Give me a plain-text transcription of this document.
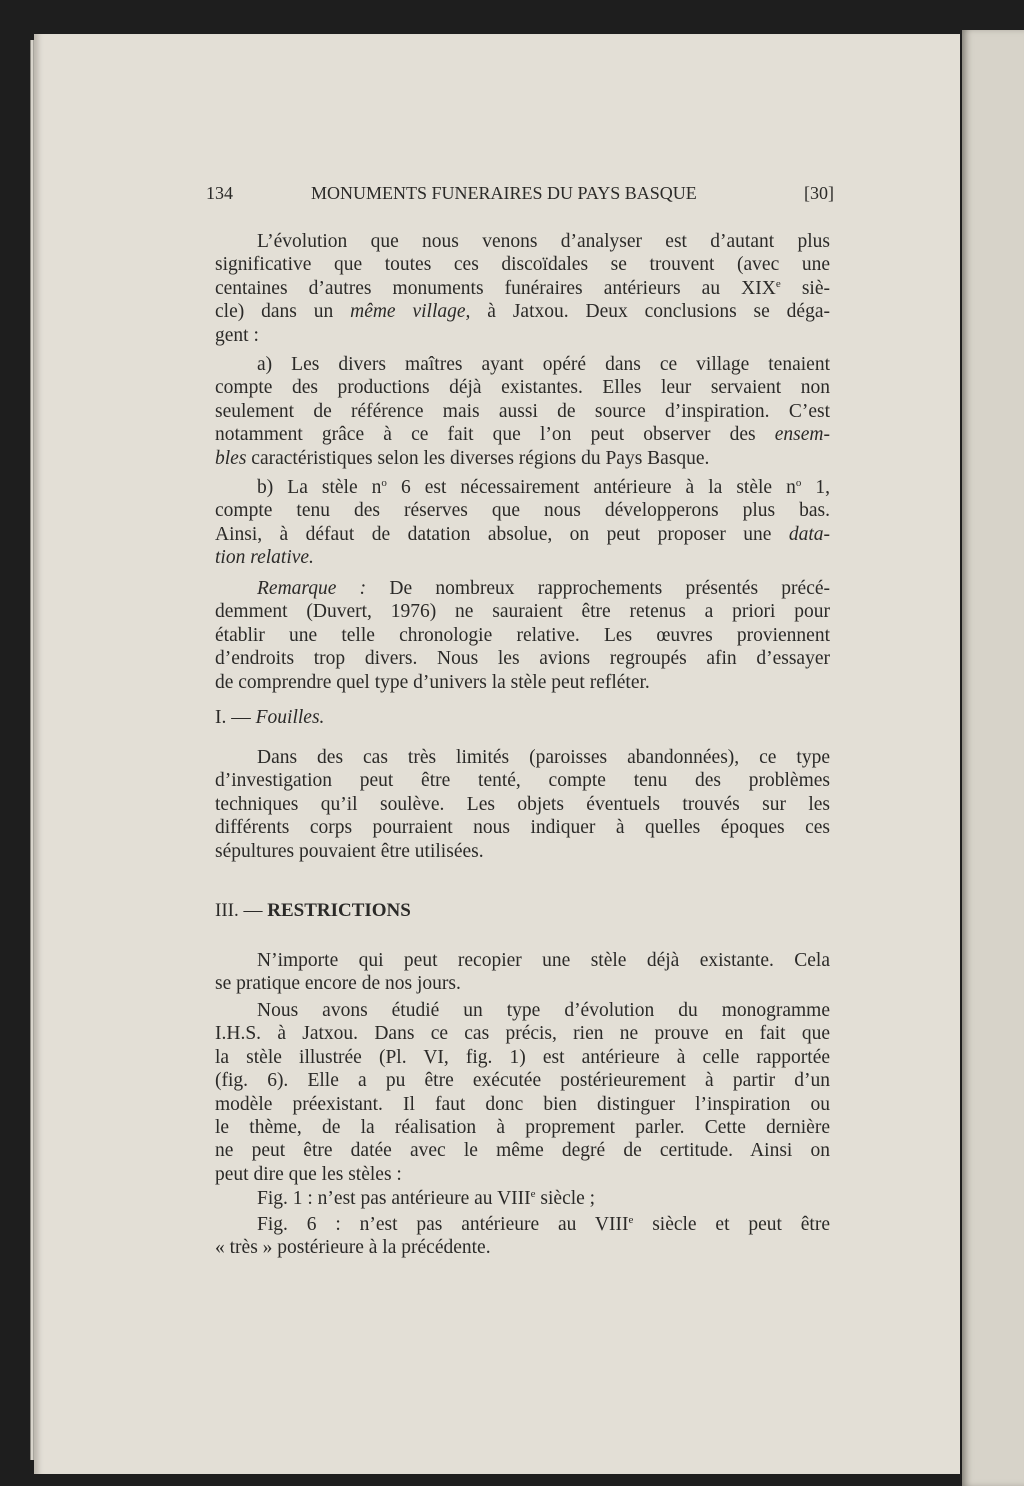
134	MONUMENTS FUNERAIRES DU PAYS BASQUE	[30]
L’évolution que nous venons d’analyser est d’autant plus
significative que toutes ces discoïdales se trouvent (avec une
centaines d’autres monuments funéraires antérieurs au XIXe siè-
cle) dans un même village, à Jatxou. Deux conclusions se déga-
gent :
a) Les divers maîtres ayant opéré dans ce village tenaient
compte des productions déjà existantes. Elles leur servaient non
seulement de référence mais aussi de source d’inspiration. C’est
notamment grâce à ce fait que l’on peut observer des ensem-
bles caractéristiques selon les diverses régions du Pays Basque.
b) La stèle $n^o$ 6 est nécessairement antérieure à la stèle $n^o$ 1,
compte tenu des réserves que nous développerons plus bas.
Ainsi, à défaut de datation absolue, on peut proposer une data-
tion relative.
Remarque : De nombreux rapprochements présentés précé-
demment (Duvert, 1976) ne sauraient être retenus a priori pour
établir une telle chronologie relative. Les œuvres proviennent
d’endroits trop divers. Nous les avions regroupés afin d’essayer
de comprendre quel type d’univers la stèle peut refléter.
I. — Fouilles.
Dans des cas très limités (paroisses abandonnées), ce type
d’investigation peut être tenté, compte tenu des problèmes
techniques qu’il soulève. Les objets éventuels trouvés sur les
différents corps pourraient nous indiquer à quelles époques ces
sépultures pouvaient être utilisées.
III. — RESTRICTIONS
N’importe qui peut recopier une stèle déjà existante. Cela
se pratique encore de nos jours.
Nous avons étudié un type d’évolution du monogramme
I.H.S. à Jatxou. Dans ce cas précis, rien ne prouve en fait que
la stèle illustrée (Pl. VI, fig. 1) est antérieure à celle rapportée
(fig. 6). Elle a pu être exécutée postérieurement à partir d’un
modèle préexistant. Il faut donc bien distinguer l’inspiration ou
le thème, de la réalisation à proprement parler. Cette dernière
ne peut être datée avec le même degré de certitude. Ainsi on
peut dire que les stèles :
Fig. 1 : n’est pas antérieure au VIIIe siècle ;
Fig. 6 : n’est pas antérieure au VIIIe siècle et peut être
« très » postérieure à la précédente.
